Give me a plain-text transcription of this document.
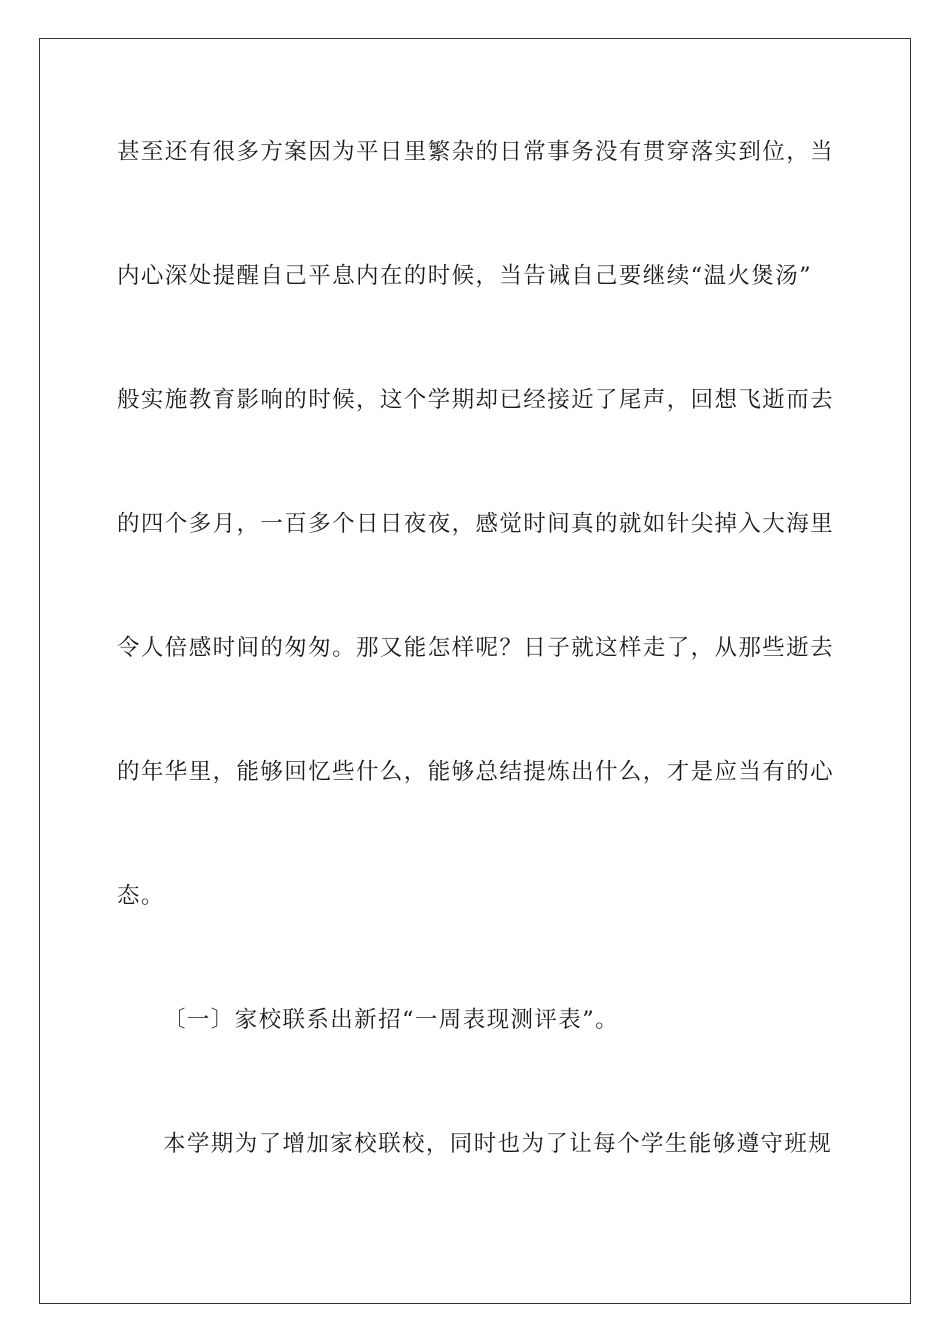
甚至还有很多方案因为平日里繁杂的日常事务没有贯穿落实到位，当
内心深处提醒自己平息内在的时候，当告诫自己要继续“温火煲汤”
般实施教育影响的时候，这个学期却已经接近了尾声，回想飞逝而去
的四个多月，一百多个日日夜夜，感觉时间真的就如针尖掉入大海里
令人倍感时间的匆匆。那又能怎样呢？日子就这样走了，从那些逝去
的年华里，能够回忆些什么，能够总结提炼出什么，才是应当有的心
态。
〔一〕家校联系出新招“一周表现测评表”。
本学期为了增加家校联校，同时也为了让每个学生能够遵守班规
